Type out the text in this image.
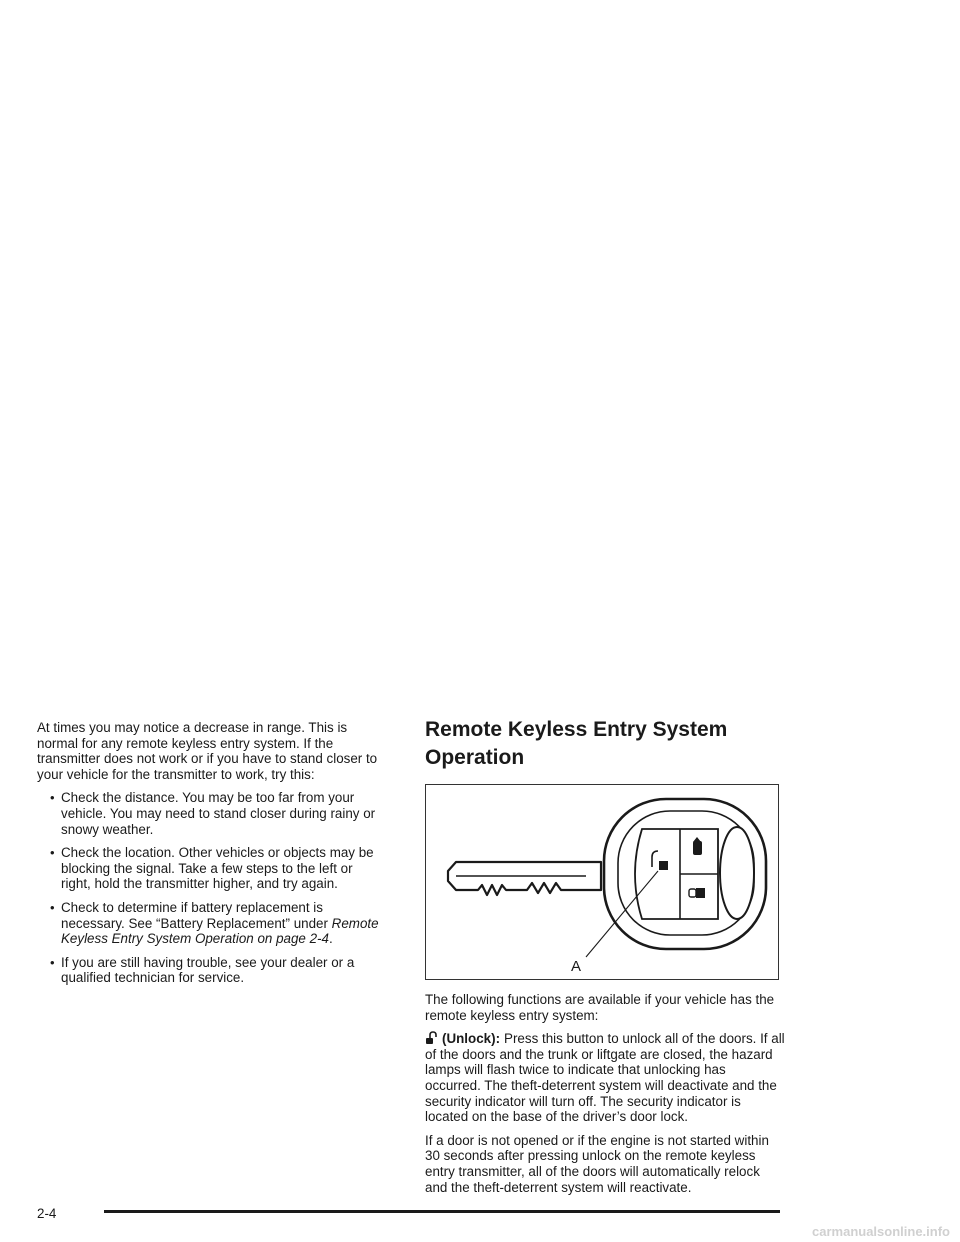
At times you may notice a decrease in range. This is normal for any remote keyless entry system. If the transmitter does not work or if you have to stand closer to your vehicle for the transmitter to work, try this:

• Check the distance. You may be too far from your vehicle. You may need to stand closer during rainy or snowy weather.
• Check the location. Other vehicles or objects may be blocking the signal. Take a few steps to the left or right, hold the transmitter higher, and try again.
• Check to determine if battery replacement is necessary. See “Battery Replacement” under Remote Keyless Entry System Operation on page 2-4.
• If you are still having trouble, see your dealer or a qualified technician for service.
Remote Keyless Entry System Operation
A

The following functions are available if your vehicle has the remote keyless entry system:

(Unlock): Press this button to unlock all of the doors. If all of the doors and the trunk or liftgate are closed, the hazard lamps will flash twice to indicate that unlocking has occurred. The theft-deterrent system will deactivate and the security indicator will turn off. The security indicator is located on the base of the driver’s door lock.

If a door is not opened or if the engine is not started within 30 seconds after pressing unlock on the remote keyless entry transmitter, all of the doors will automatically relock and the theft-deterrent system will reactivate.

2-4
carmanualsonline.info
